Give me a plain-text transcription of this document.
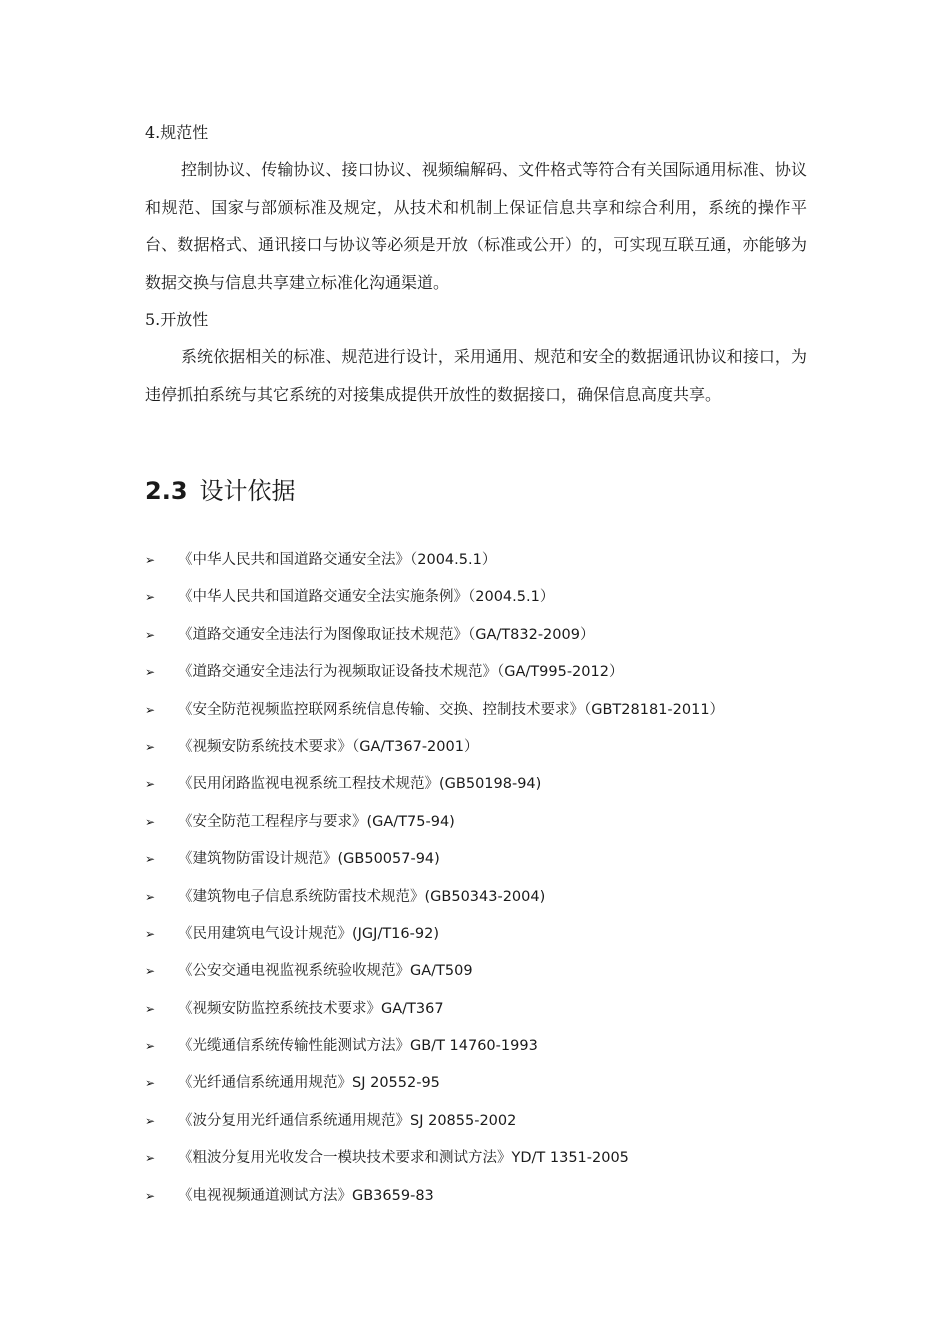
4.规范性

控制协议、传输协议、接口协议、视频编解码、文件格式等符合有关国际通用标准、协议和规范、国家与部颁标准及规定，从技术和机制上保证信息共享和综合利用，系统的操作平台、数据格式、通讯接口与协议等必须是开放（标准或公开）的，可实现互联互通，亦能够为数据交换与信息共享建立标准化沟通渠道。

5.开放性

系统依据相关的标准、规范进行设计，采用通用、规范和安全的数据通讯协议和接口，为违停抓拍系统与其它系统的对接集成提供开放性的数据接口，确保信息高度共享。

2.3 设计依据
➢	《中华人民共和国道路交通安全法》（2004.5.1）
➢	《中华人民共和国道路交通安全法实施条例》（2004.5.1）
➢	《道路交通安全违法行为图像取证技术规范》（GA/T832-2009）
➢	《道路交通安全违法行为视频取证设备技术规范》（GA/T995-2012）
➢	《安全防范视频监控联网系统信息传输、交换、控制技术要求》（GBT28181-2011）
➢	《视频安防系统技术要求》（GA/T367-2001）
➢	《民用闭路监视电视系统工程技术规范》(GB50198-94)
➢	《安全防范工程程序与要求》(GA/T75-94)
➢	《建筑物防雷设计规范》(GB50057-94)
➢	《建筑物电子信息系统防雷技术规范》(GB50343-2004)
➢	《民用建筑电气设计规范》(JGJ/T16-92)
➢	《公安交通电视监视系统验收规范》GA/T509
➢	《视频安防监控系统技术要求》GA/T367
➢	《光缆通信系统传输性能测试方法》GB/T 14760-1993
➢	《光纤通信系统通用规范》SJ 20552-95
➢	《波分复用光纤通信系统通用规范》SJ 20855-2002
➢	《粗波分复用光收发合一模块技术要求和测试方法》YD/T 1351-2005
➢	《电视视频通道测试方法》GB3659-83
